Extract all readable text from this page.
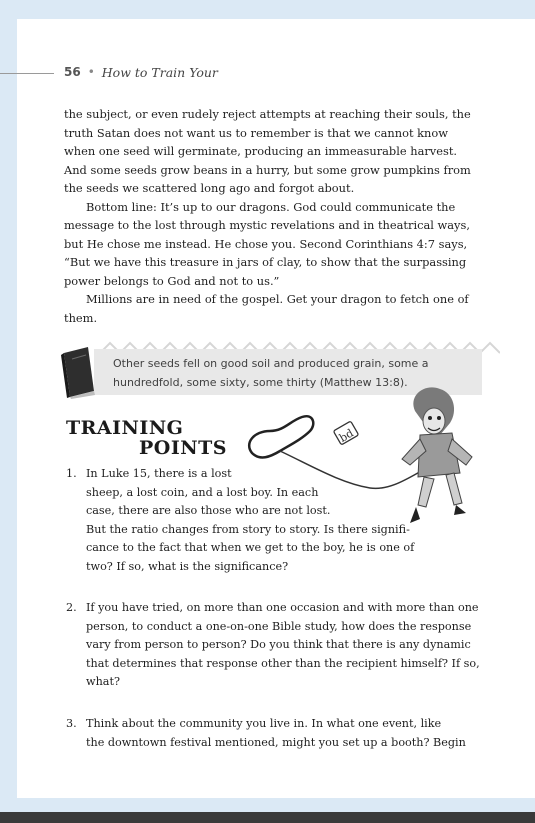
56 • How to Train Your

the subject, or even rudely reject attempts at reaching their souls, the truth Satan does not want us to remember is that we cannot know when one seed will germinate, producing an immeasurable harvest. And some seeds grow beans in a hurry, but some grow pumpkins from the seeds we scattered long ago and forgot about.

Bottom line: It’s up to our dragons. God could communicate the message to the lost through mystic revelations and in theatrical ways, but He chose me instead. He chose you. Second Corinthians 4:7 says, “But we have this treasure in jars of clay, to show that the surpassing power belongs to God and not to us.”

Millions are in need of the gospel. Get your dragon to fetch one of them.

Other seeds fell on good soil and produced grain, some a
hundredfold, some sixty, some thirty (Matthew 13:8).
TRAINING
POINTS
bd
1. In Luke 15, there is a lost
sheep, a lost coin, and a lost boy. In each
case, there are also those who are not lost.
But the ratio changes from story to story. Is there signifi-
cance to the fact that when we get to the boy, he is one of
two? If so, what is the significance?
2. If you have tried, on more than one occasion and with more than one
person, to conduct a one-on-one Bible study, how does the response
vary from person to person? Do you think that there is any dynamic
that determines that response other than the recipient himself? If so,
what?
3. Think about the community you live in. In what one event, like
the downtown festival mentioned, might you set up a booth? Begin
